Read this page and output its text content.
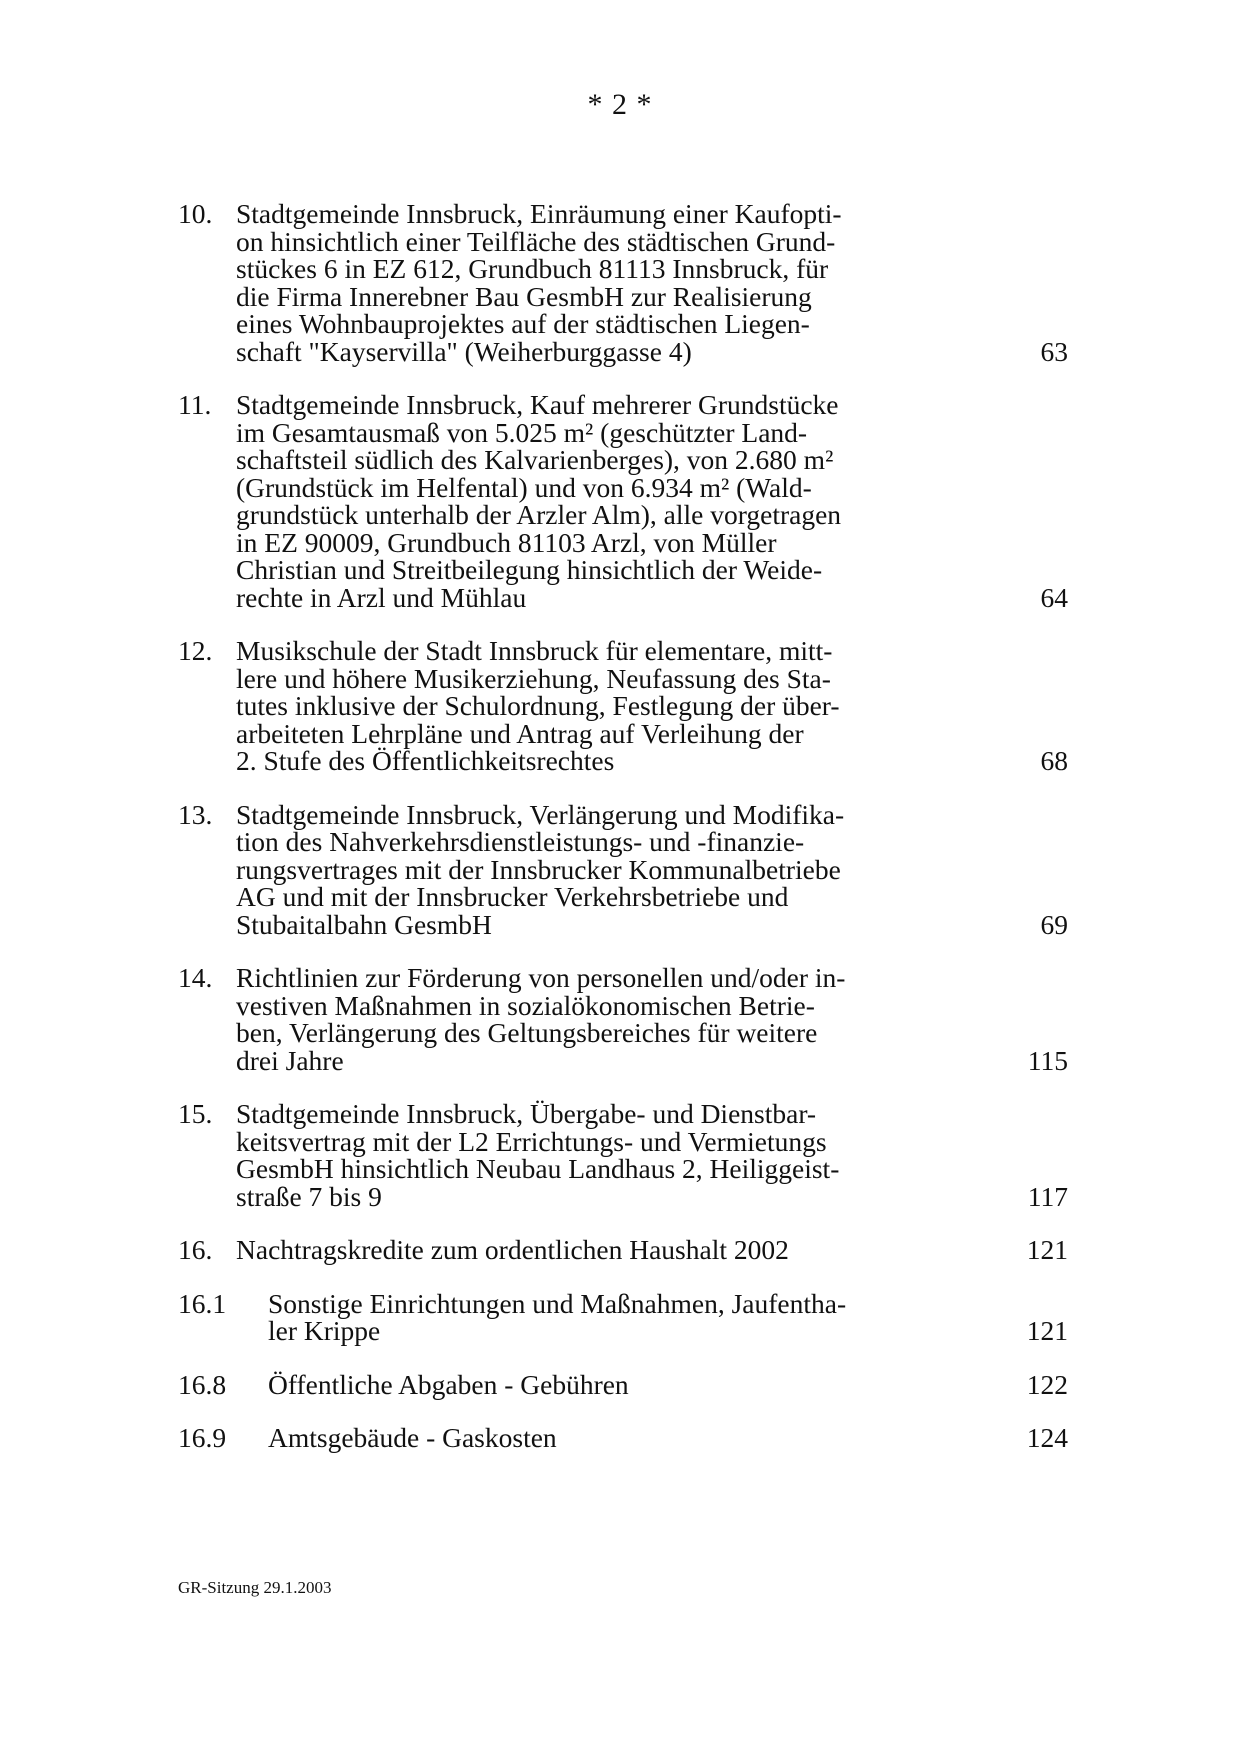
* 2 *
10. Stadtgemeinde Innsbruck, Einräumung einer Kaufopti-
on hinsichtlich einer Teilfläche des städtischen Grund-
stückes 6 in EZ 612, Grundbuch 81113 Innsbruck, für
die Firma Innerebner Bau GesmbH zur Realisierung
eines Wohnbauprojektes auf der städtischen Liegen-
schaft "Kayservilla" (Weiherburggasse 4)	63
11. Stadtgemeinde Innsbruck, Kauf mehrerer Grundstücke
im Gesamtausmaß von 5.025 m² (geschützter Land-
schaftsteil südlich des Kalvarienberges), von 2.680 m²
(Grundstück im Helfental) und von 6.934 m² (Wald-
grundstück unterhalb der Arzler Alm), alle vorgetragen
in EZ 90009, Grundbuch 81103 Arzl, von Müller
Christian und Streitbeilegung hinsichtlich der Weide-
rechte in Arzl und Mühlau	64
12. Musikschule der Stadt Innsbruck für elementare, mitt-
lere und höhere Musikerziehung, Neufassung des Sta-
tutes inklusive der Schulordnung, Festlegung der über-
arbeiteten Lehrpläne und Antrag auf Verleihung der
2. Stufe des Öffentlichkeitsrechtes	68
13. Stadtgemeinde Innsbruck, Verlängerung und Modifika-
tion des Nahverkehrsdienstleistungs- und -finanzie-
rungsvertrages mit der Innsbrucker Kommunalbetriebe
AG und mit der Innsbrucker Verkehrsbetriebe und
Stubaitalbahn GesmbH	69
14. Richtlinien zur Förderung von personellen und/oder in-
vestiven Maßnahmen in sozialökonomischen Betrie-
ben, Verlängerung des Geltungsbereiches für weitere
drei Jahre	115
15. Stadtgemeinde Innsbruck, Übergabe- und Dienstbar-
keitsvertrag mit der L2 Errichtungs- und Vermietungs
GesmbH hinsichtlich Neubau Landhaus 2, Heiliggeist-
straße 7 bis 9	117
16. Nachtragskredite zum ordentlichen Haushalt 2002	121
16.1 Sonstige Einrichtungen und Maßnahmen, Jaufentha-
ler Krippe	121
16.8 Öffentliche Abgaben - Gebühren	122
16.9 Amtsgebäude - Gaskosten	124
GR-Sitzung 29.1.2003
